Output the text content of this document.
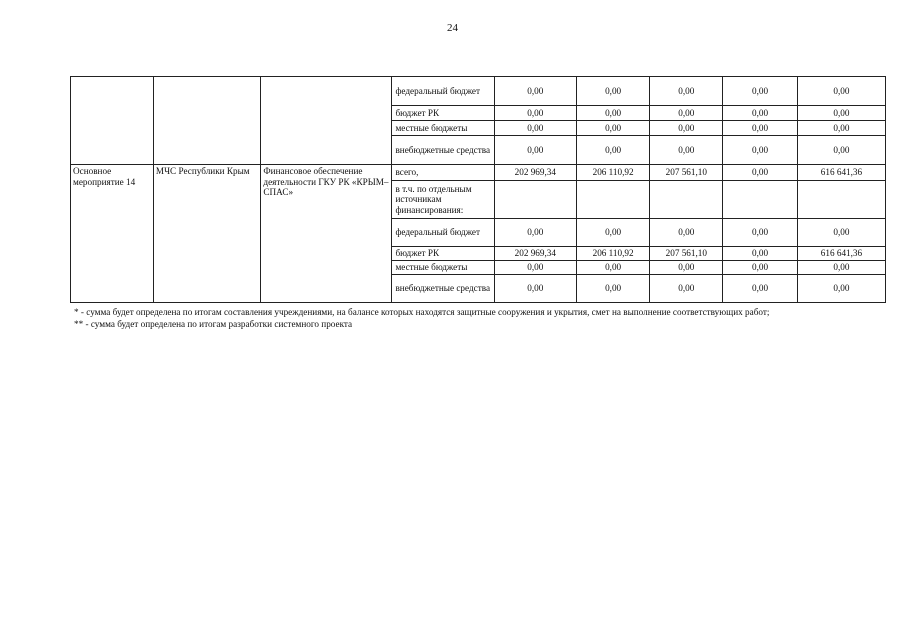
24
			федеральный бюджет	0,00	0,00	0,00	0,00	0,00
			бюджет РК	0,00	0,00	0,00	0,00	0,00
			местные бюджеты	0,00	0,00	0,00	0,00	0,00
			внебюджетные средства	0,00	0,00	0,00	0,00	0,00
Основное мероприятие 14	МЧС Республики Крым	Финансовое обеспечение деятельности ГКУ РК «КРЫМ–СПАС»	всего,	202 969,34	206 110,92	207 561,10	0,00	616 641,36
			в т.ч. по отдельным источникам финансирования:					
			федеральный бюджет	0,00	0,00	0,00	0,00	0,00
			бюджет РК	202 969,34	206 110,92	207 561,10	0,00	616 641,36
			местные бюджеты	0,00	0,00	0,00	0,00	0,00
			внебюджетные средства	0,00	0,00	0,00	0,00	0,00

* - сумма будет определена по итогам составления учреждениями, на балансе которых находятся защитные сооружения и укрытия, смет на выполнение соответствующих работ;

** - сумма будет определена по итогам разработки системного проекта
